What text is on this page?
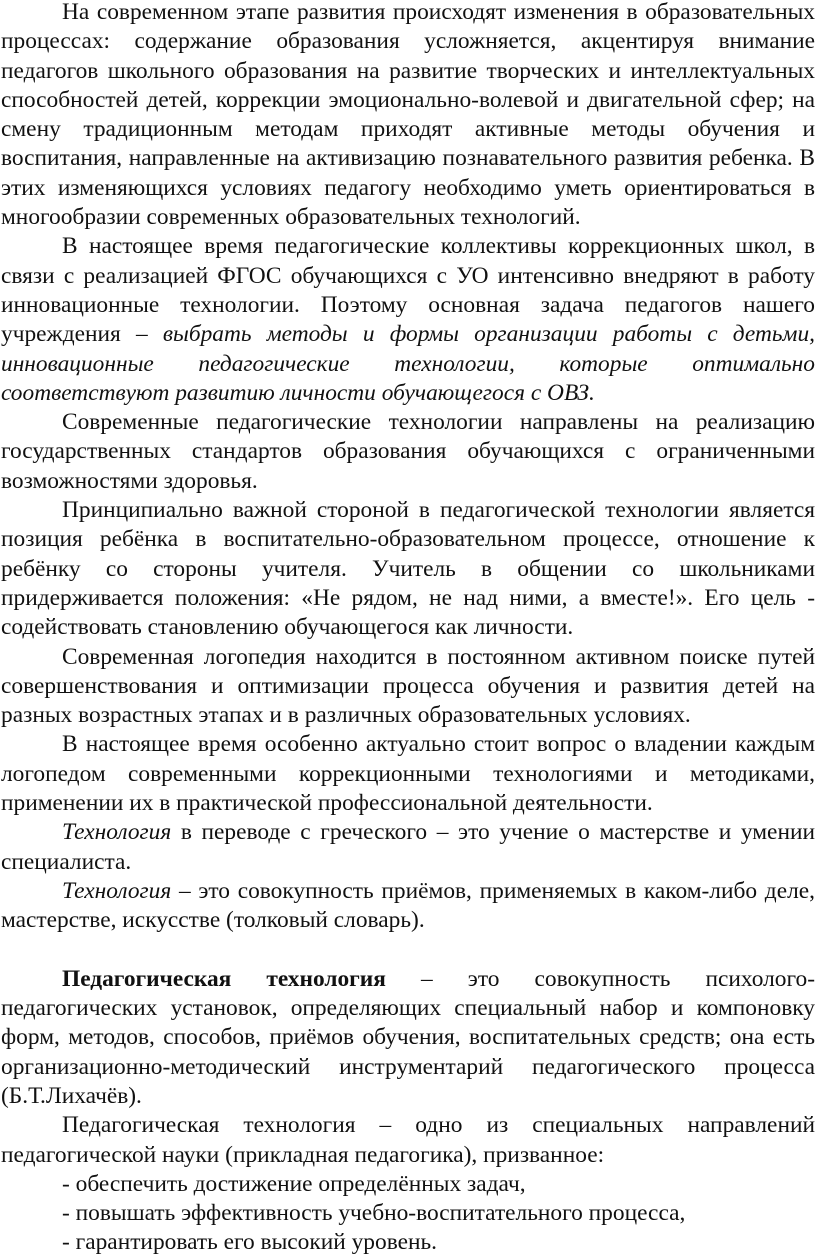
На современном этапе развития происходят изменения в образовательных процессах: содержание образования усложняется, акцентируя внимание педагогов школьного образования на развитие творческих и интеллектуальных способностей детей, коррекции эмоционально-волевой и двигательной сфер; на смену традиционным методам приходят активные методы обучения и воспитания, направленные на активизацию познавательного развития ребенка. В этих изменяющихся условиях педагогу необходимо уметь ориентироваться в многообразии современных образовательных технологий.

В настоящее время педагогические коллективы коррекционных школ, в связи с реализацией ФГОС обучающихся с УО интенсивно внедряют в работу инновационные технологии. Поэтому основная задача педагогов нашего учреждения – выбрать методы и формы организации работы с детьми, инновационные педагогические технологии, которые оптимально соответствуют развитию личности обучающегося с ОВЗ.

Современные педагогические технологии направлены на реализацию государственных стандартов образования обучающихся с ограниченными возможностями здоровья.

Принципиально важной стороной в педагогической технологии является позиция ребёнка в воспитательно-образовательном процессе, отношение к ребёнку со стороны учителя. Учитель в общении со школьниками придерживается положения: «Не рядом, не над ними, а вместе!». Его цель - содействовать становлению обучающегося как личности.

Современная логопедия находится в постоянном активном поиске путей совершенствования и оптимизации процесса обучения и развития детей на разных возрастных этапах и в различных образовательных условиях.

В настоящее время особенно актуально стоит вопрос о владении каждым логопедом современными коррекционными технологиями и методиками, применении их в практической профессиональной деятельности.

Технология в переводе с греческого – это учение о мастерстве и умении специалиста.

Технология – это совокупность приёмов, применяемых в каком-либо деле, мастерстве, искусстве (толковый словарь).

Педагогическая технология – это совокупность психолого-педагогических установок, определяющих специальный набор и компоновку форм, методов, способов, приёмов обучения, воспитательных средств; она есть организационно-методический инструментарий педагогического процесса (Б.Т.Лихачёв).

Педагогическая технология – одно из специальных направлений педагогической науки (прикладная педагогика), призванное:

- обеспечить достижение определённых задач,

- повышать эффективность учебно-воспитательного процесса,

- гарантировать его высокий уровень.
